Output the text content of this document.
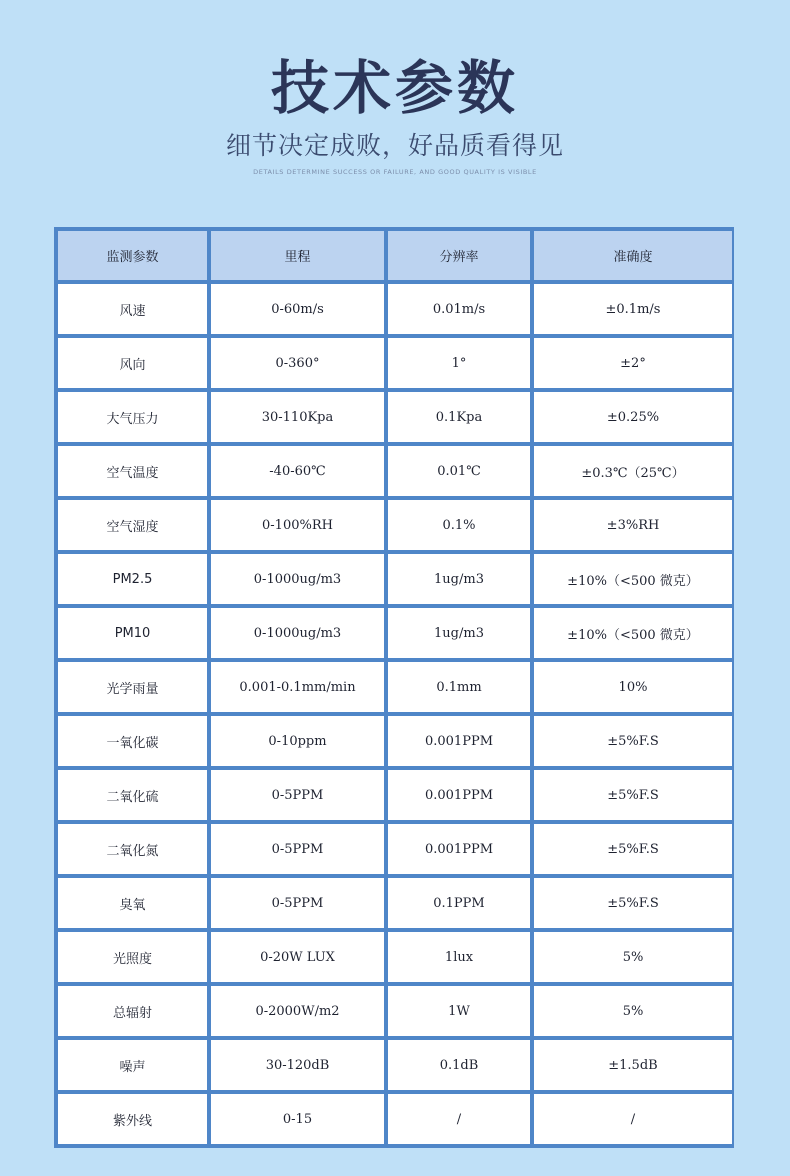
技术参数
细节决定成败，好品质看得见
DETAILS DETERMINE SUCCESS OR FAILURE, AND GOOD QUALITY IS VISIBLE
监测参数	里程	分辨率	准确度
风速	0-60m/s	0.01m/s	±0.1m/s
风向	0-360°	1°	±2°
大气压力	30-110Kpa	0.1Kpa	±0.25%
空气温度	-40-60℃	0.01℃	±0.3℃（25℃）
空气湿度	0-100%RH	0.1%	±3%RH
PM2.5	0-1000ug/m3	1ug/m3	±10%（<500 微克）
PM10	0-1000ug/m3	1ug/m3	±10%（<500 微克）
光学雨量	0.001-0.1mm/min	0.1mm	10%
一氧化碳	0-10ppm	0.001PPM	±5%F.S
二氧化硫	0-5PPM	0.001PPM	±5%F.S
二氧化氮	0-5PPM	0.001PPM	±5%F.S
臭氧	0-5PPM	0.1PPM	±5%F.S
光照度	0-20W LUX	1lux	5%
总辐射	0-2000W/m2	1W	5%
噪声	30-120dB	0.1dB	±1.5dB
紫外线	0-15	/	/
